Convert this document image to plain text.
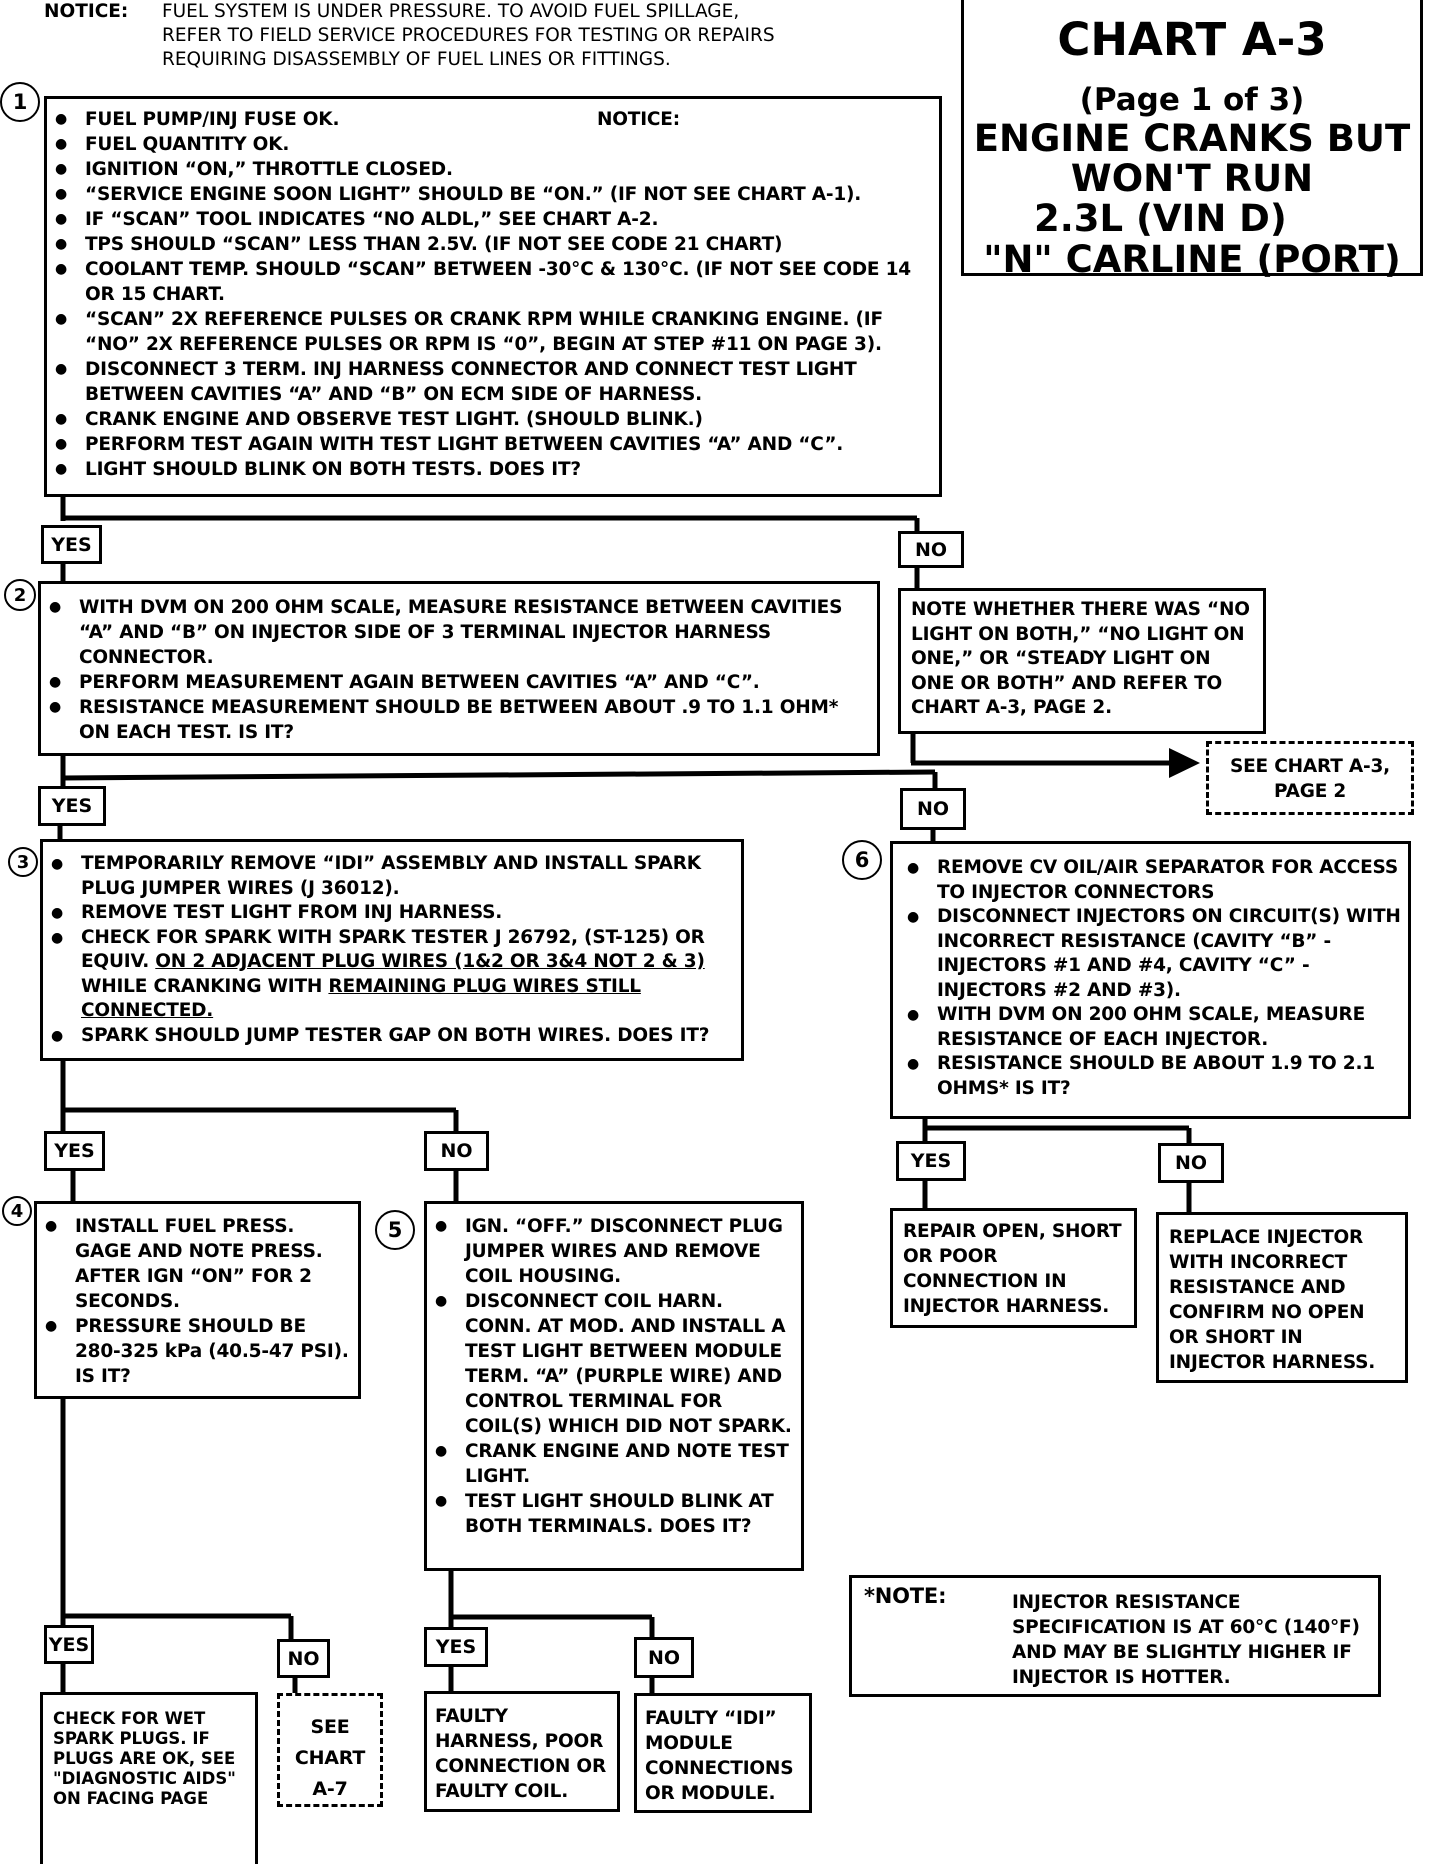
NOTICE: FUEL SYSTEM IS UNDER PRESSURE. TO AVOID FUEL SPILLAGE,
REFER TO FIELD SERVICE PROCEDURES FOR TESTING OR REPAIRS
REQUIRING DISASSEMBLY OF FUEL LINES OR FITTINGS.	CHART A-3
(Page 1 of 3)
ENGINE CRANKS BUT
WON'T RUN
2.3L (VIN D)
"N" CARLINE (PORT)
1
NOTICE:
● FUEL PUMP/INJ FUSE OK.
● FUEL QUANTITY OK.
● IGNITION “ON,” THROTTLE CLOSED.
● “SERVICE ENGINE SOON LIGHT” SHOULD BE “ON.” (IF NOT SEE CHART A-1).
● IF “SCAN” TOOL INDICATES “NO ALDL,” SEE CHART A-2.
● TPS SHOULD “SCAN” LESS THAN 2.5V. (IF NOT SEE CODE 21 CHART)
● COOLANT TEMP. SHOULD “SCAN” BETWEEN -30°C & 130°C. (IF NOT SEE CODE 14 OR 15 CHART.
● “SCAN” 2X REFERENCE PULSES OR CRANK RPM WHILE CRANKING ENGINE. (IF “NO” 2X REFERENCE PULSES OR RPM IS “0”, BEGIN AT STEP #11 ON PAGE 3).
● DISCONNECT 3 TERM. INJ HARNESS CONNECTOR AND CONNECT TEST LIGHT BETWEEN CAVITIES “A” AND “B” ON ECM SIDE OF HARNESS.
● CRANK ENGINE AND OBSERVE TEST LIGHT. (SHOULD BLINK.)
● PERFORM TEST AGAIN WITH TEST LIGHT BETWEEN CAVITIES “A” AND “C”.
● LIGHT SHOULD BLINK ON BOTH TESTS. DOES IT?
YES	NO
NOTE WHETHER THERE WAS “NO LIGHT ON BOTH,” “NO LIGHT ON ONE,” OR “STEADY LIGHT ON ONE OR BOTH” AND REFER TO CHART A-3, PAGE 2.
SEE CHART A-3,
PAGE 2
2
● WITH DVM ON 200 OHM SCALE, MEASURE RESISTANCE BETWEEN CAVITIES “A” AND “B” ON INJECTOR SIDE OF 3 TERMINAL INJECTOR HARNESS CONNECTOR.
● PERFORM MEASUREMENT AGAIN BETWEEN CAVITIES “A” AND “C”.
● RESISTANCE MEASUREMENT SHOULD BE BETWEEN ABOUT .9 TO 1.1 OHM* ON EACH TEST. IS IT?
YES	NO
3	● TEMPORARILY REMOVE “IDI” ASSEMBLY AND INSTALL SPARK PLUG JUMPER WIRES (J 36012).
● REMOVE TEST LIGHT FROM INJ HARNESS.
● CHECK FOR SPARK WITH SPARK TESTER J 26792, (ST-125) OR EQUIV. ON 2 ADJACENT PLUG WIRES (1&2 OR 3&4 NOT 2 & 3) WHILE CRANKING WITH REMAINING PLUG WIRES STILL CONNECTED.
● SPARK SHOULD JUMP TESTER GAP ON BOTH WIRES. DOES IT?
6	● REMOVE CV OIL/AIR SEPARATOR FOR ACCESS TO INJECTOR CONNECTORS
● DISCONNECT INJECTORS ON CIRCUIT(S) WITH INCORRECT RESISTANCE (CAVITY “B” - INJECTORS #1 AND #4, CAVITY “C” - INJECTORS #2 AND #3).
● WITH DVM ON 200 OHM SCALE, MEASURE RESISTANCE OF EACH INJECTOR.
● RESISTANCE SHOULD BE ABOUT 1.9 TO 2.1 OHMS* IS IT?
YES	NO	YES	NO
REPAIR OPEN, SHORT OR POOR CONNECTION IN INJECTOR HARNESS.
REPLACE INJECTOR WITH INCORRECT RESISTANCE AND CONFIRM NO OPEN OR SHORT IN INJECTOR HARNESS.
4
● INSTALL FUEL PRESS. GAGE AND NOTE PRESS. AFTER IGN “ON” FOR 2 SECONDS.
● PRESSURE SHOULD BE 280-325 kPa (40.5-47 PSI). IS IT?
5	● IGN. “OFF.” DISCONNECT PLUG JUMPER WIRES AND REMOVE COIL HOUSING.
● DISCONNECT COIL HARN. CONN. AT MOD. AND INSTALL A TEST LIGHT BETWEEN MODULE TERM. “A” (PURPLE WIRE) AND CONTROL TERMINAL FOR COIL(S) WHICH DID NOT SPARK.
● CRANK ENGINE AND NOTE TEST LIGHT.
● TEST LIGHT SHOULD BLINK AT BOTH TERMINALS. DOES IT?
*NOTE:	INJECTOR RESISTANCE SPECIFICATION IS AT 60°C (140°F) AND MAY BE SLIGHTLY HIGHER IF INJECTOR IS HOTTER.
YES
NO
YES	NO
CHECK FOR WET SPARK PLUGS. IF PLUGS ARE OK, SEE "DIAGNOSTIC AIDS" ON FACING PAGE
SEE
CHART
A-7
FAULTY HARNESS, POOR CONNECTION OR FAULTY COIL.
FAULTY “IDI” MODULE CONNECTIONS OR MODULE.
